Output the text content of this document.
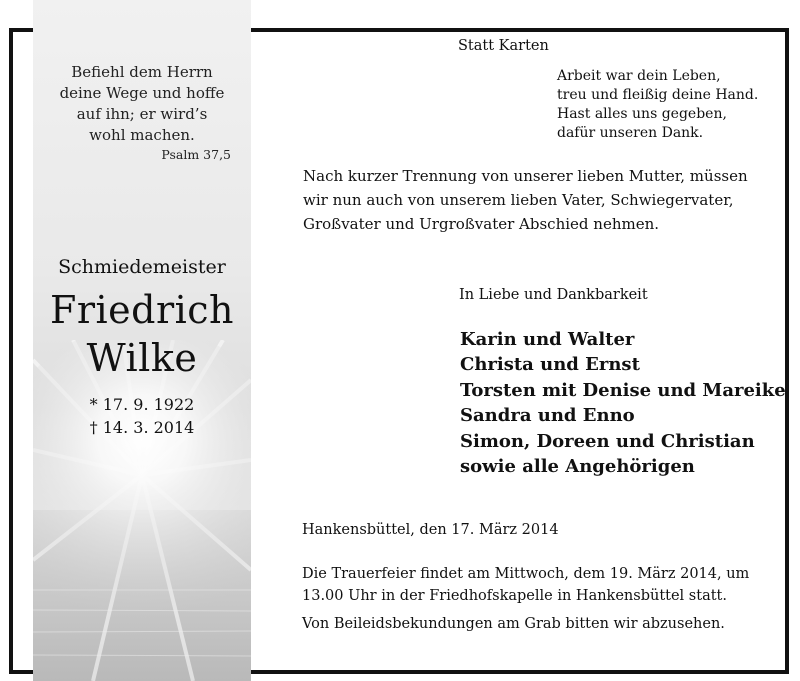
Befiehl dem Herrn
deine Wege und hoffe
auf ihn; er wird’s
wohl machen.
Psalm 37,5
Schmiedemeister
Friedrich
Wilke
* 17. 9. 1922
† 14. 3. 2014
Statt Karten
Arbeit war dein Leben,
treu und fleißig deine Hand.
Hast alles uns gegeben,
dafür unseren Dank.
Nach kurzer Trennung von unserer lieben Mutter, müssen
wir nun auch von unserem lieben Vater, Schwiegervater,
Großvater und Urgroßvater Abschied nehmen.
In Liebe und Dankbarkeit
Karin und Walter
Christa und Ernst
Torsten mit Denise und Mareike
Sandra und Enno
Simon, Doreen und Christian
sowie alle Angehörigen
Hankensbüttel, den 17. März 2014
Die Trauerfeier findet am Mittwoch, dem 19. März 2014, um
13.00 Uhr in der Friedhofskapelle in Hankensbüttel statt.
Von Beileidsbekundungen am Grab bitten wir abzusehen.
